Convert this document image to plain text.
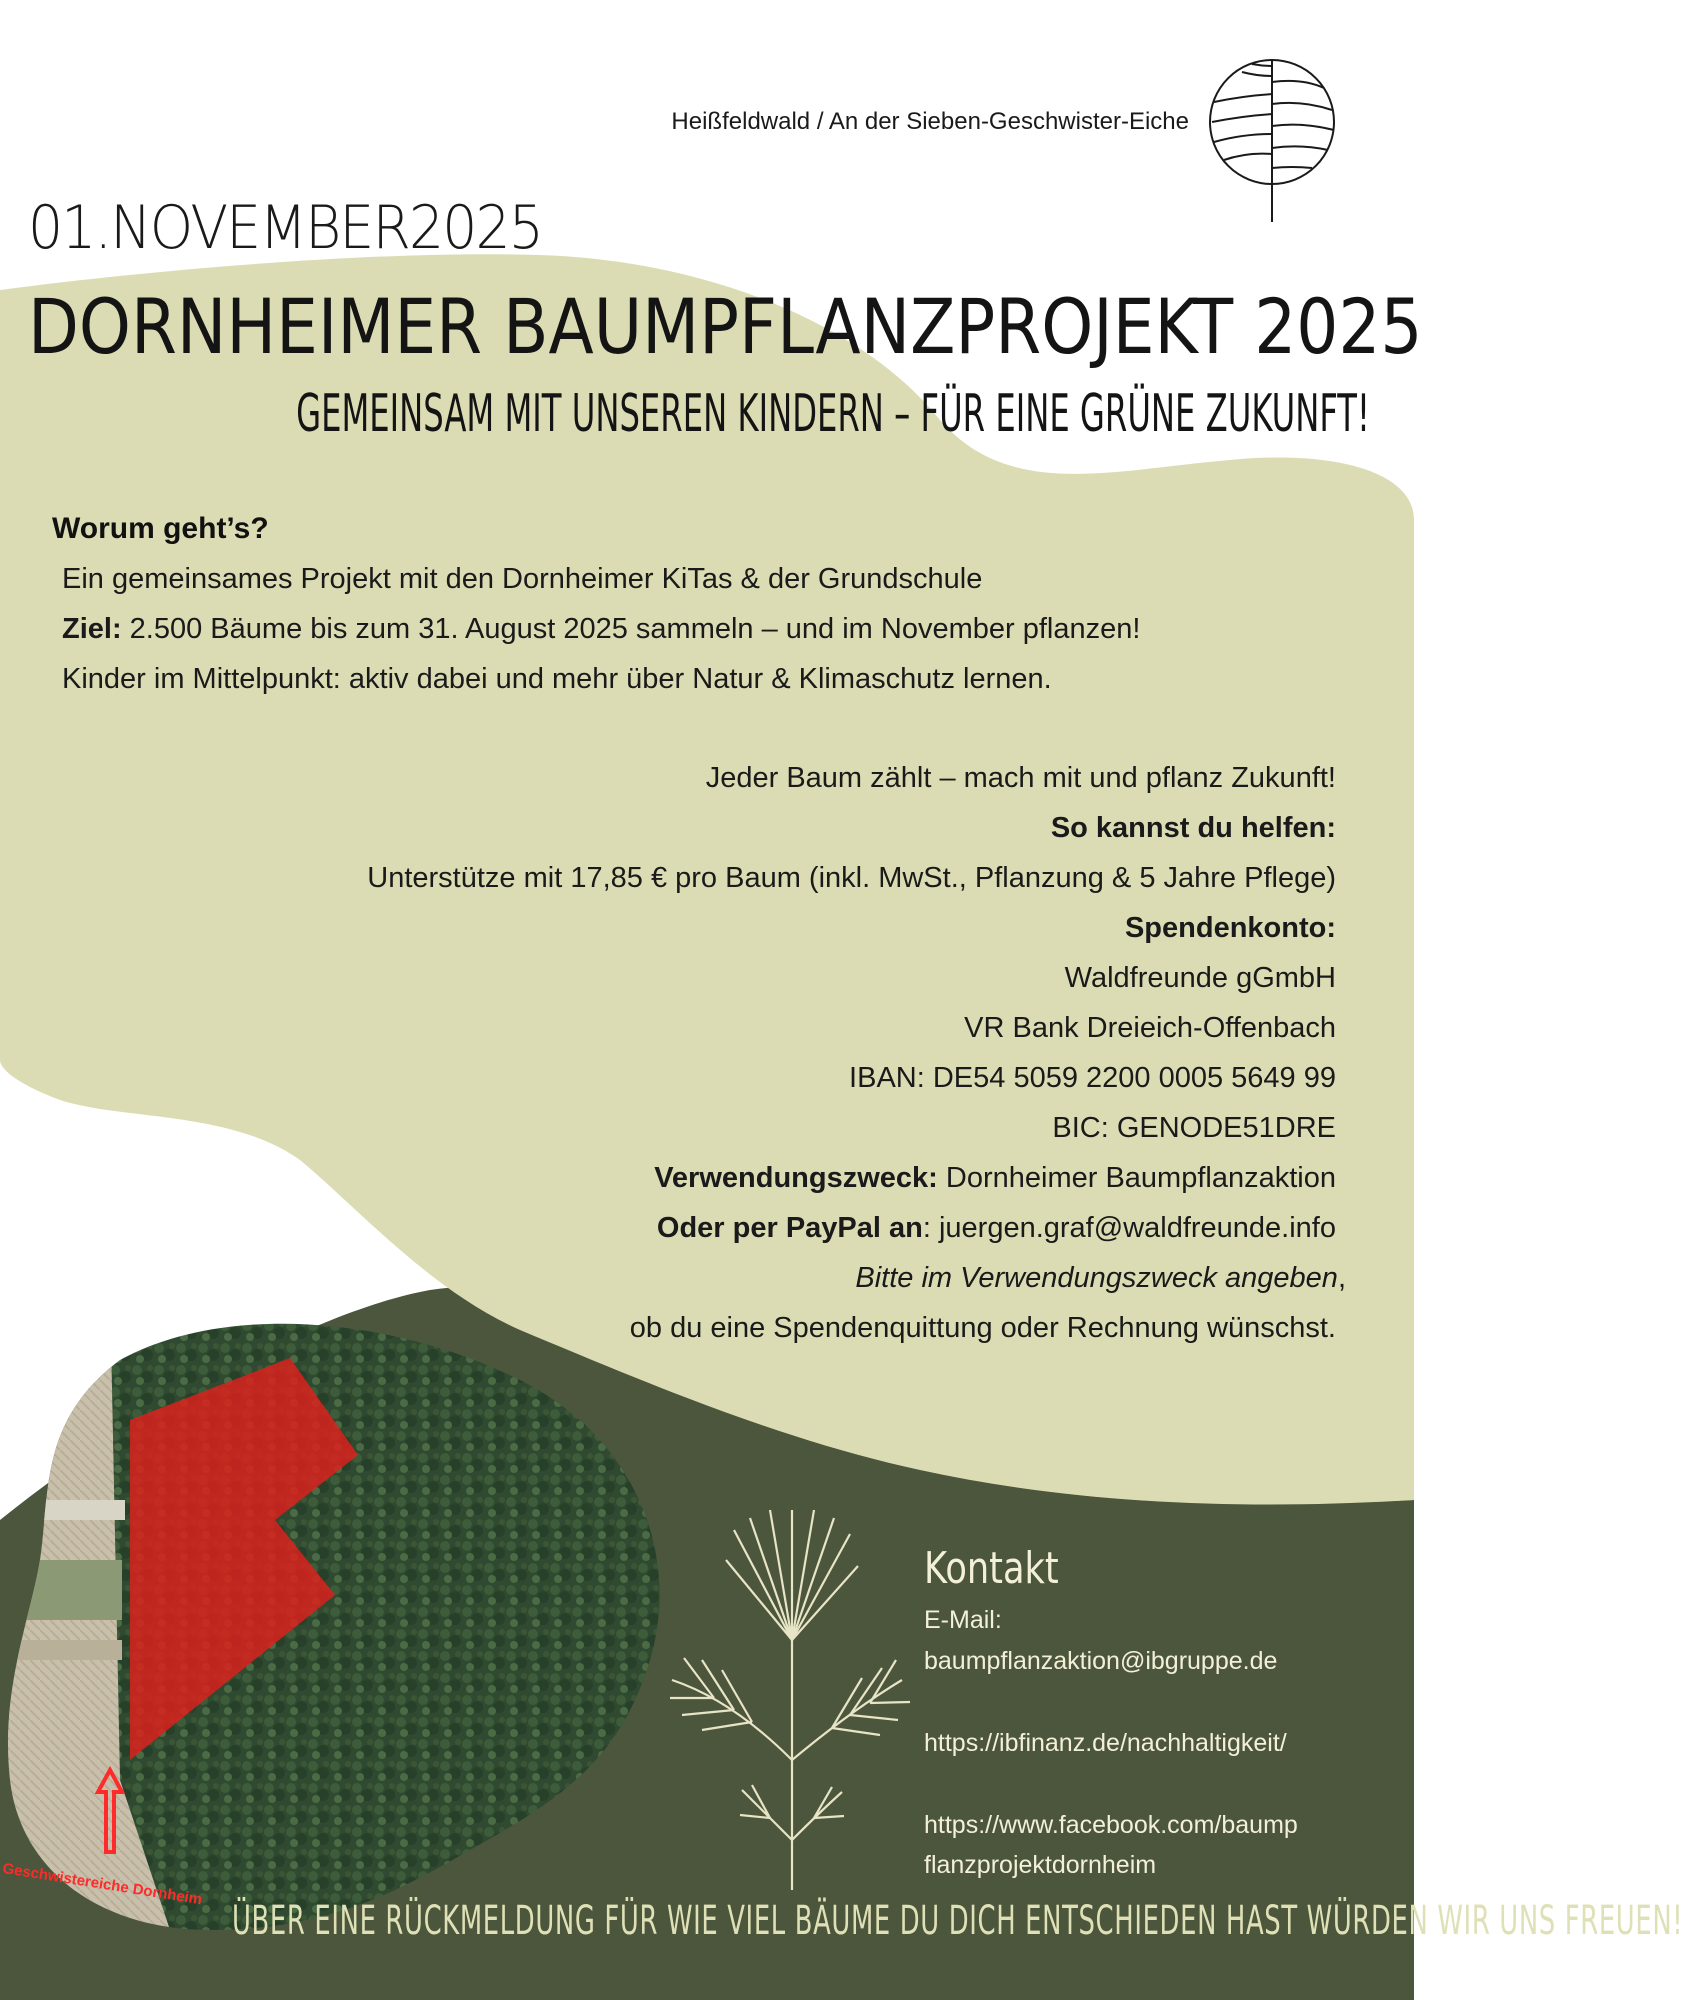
Heißfeldwald / An der Sieben-Geschwister-Eiche
01.NOVEMBER2025
DORNHEIMER BAUMPFLANZPROJEKT 2025
GEMEINSAM MIT UNSEREN KINDERN – FÜR EINE GRÜNE ZUKUNFT!
Worum geht’s?
Ein gemeinsames Projekt mit den Dornheimer KiTas & der Grundschule
Ziel: 2.500 Bäume bis zum 31. August 2025 sammeln – und im November pflanzen!
Kinder im Mittelpunkt: aktiv dabei und mehr über Natur & Klimaschutz lernen.
Jeder Baum zählt – mach mit und pflanz Zukunft!
So kannst du helfen:
Unterstütze mit 17,85 € pro Baum (inkl. MwSt., Pflanzung & 5 Jahre Pflege)
Spendenkonto:
Waldfreunde gGmbH
VR Bank Dreieich-Offenbach
IBAN: DE54 5059 2200 0005 5649 99
BIC: GENODE51DRE
Verwendungszweck: Dornheimer Baumpflanzaktion
Oder per PayPal an: juergen.graf@waldfreunde.info
Bitte im Verwendungszweck angeben,
ob du eine Spendenquittung oder Rechnung wünschst.
Kontakt
E-Mail:
baumpflanzaktion@ibgruppe.de
https://ibfinanz.de/nachhaltigkeit/
https://www.facebook.com/baump
flanzprojektdornheim
Geschwistereiche Dornheim
ÜBER EINE RÜCKMELDUNG FÜR WIE VIEL BÄUME DU DICH ENTSCHIEDEN HAST WÜRDEN WIR UNS FREUEN!
